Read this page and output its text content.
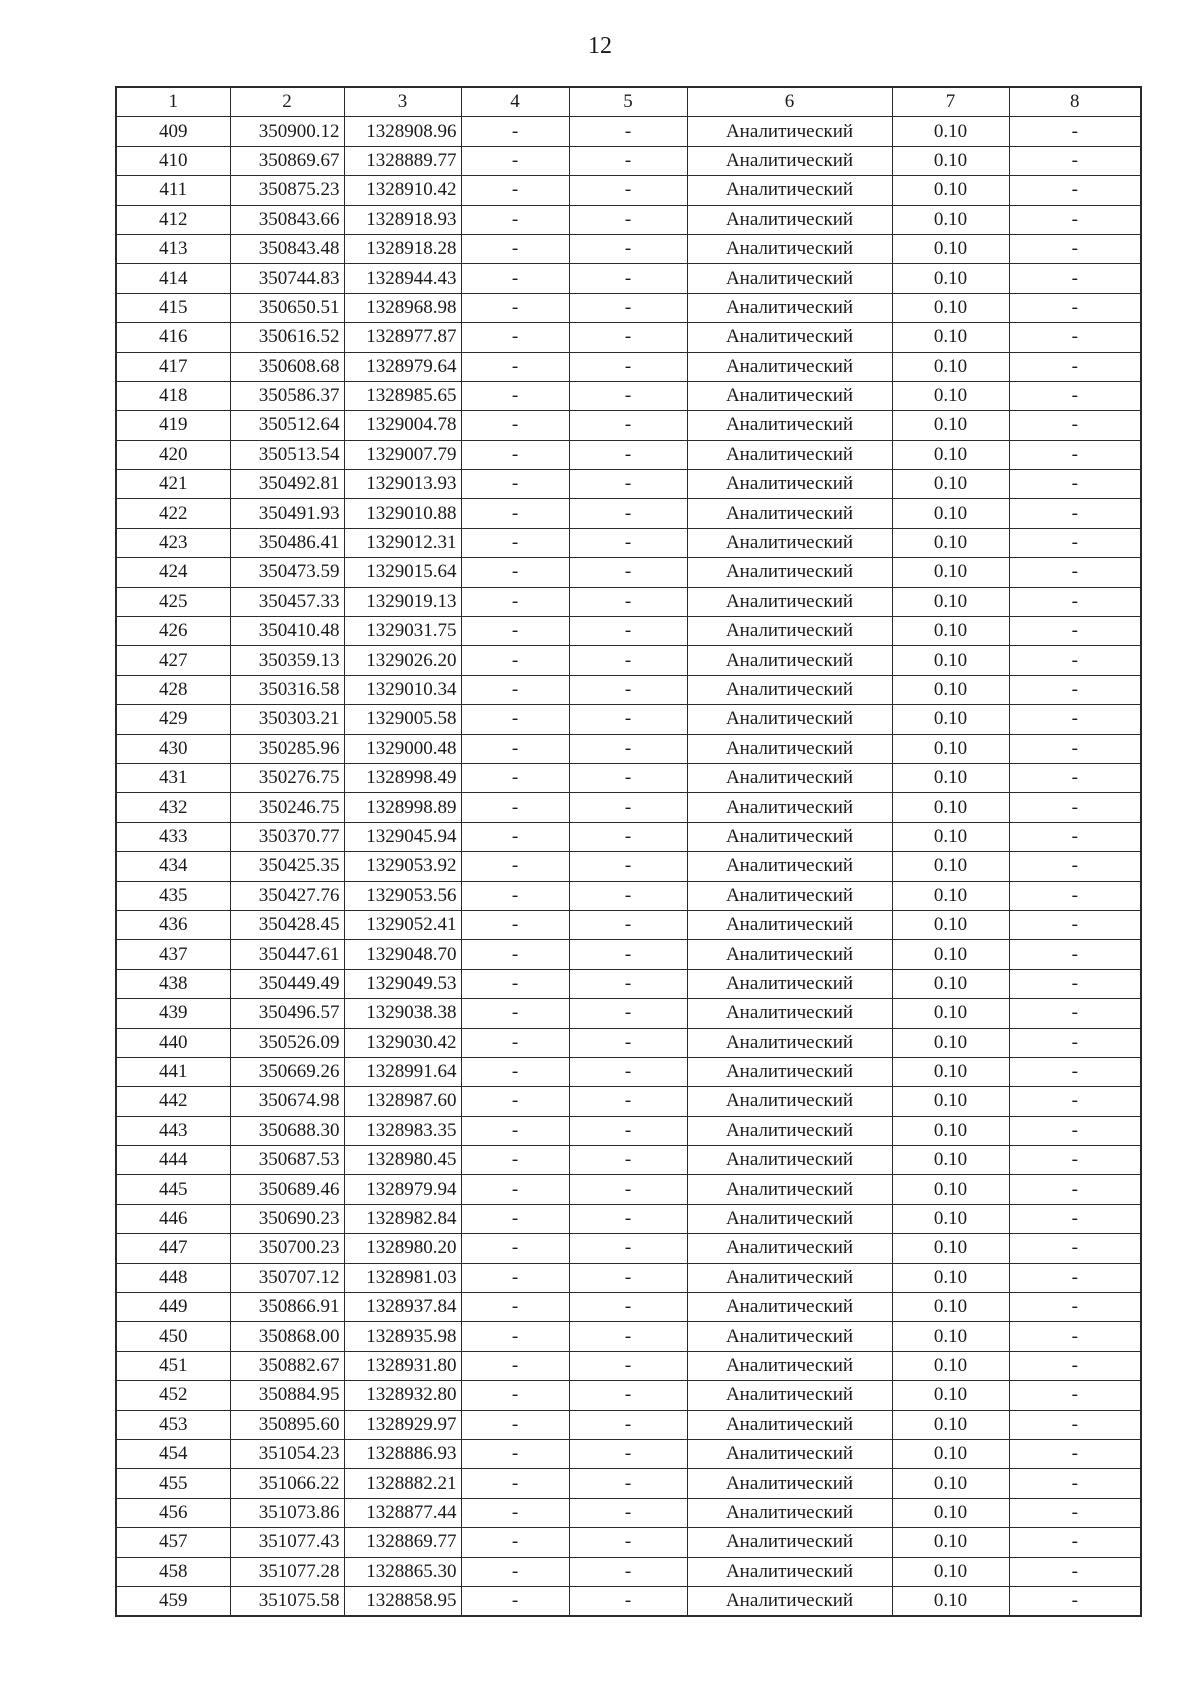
12
1	2	3	4	5	6	7	8
409	350900.12	1328908.96	-	-	Аналитический	0.10	-
410	350869.67	1328889.77	-	-	Аналитический	0.10	-
411	350875.23	1328910.42	-	-	Аналитический	0.10	-
412	350843.66	1328918.93	-	-	Аналитический	0.10	-
413	350843.48	1328918.28	-	-	Аналитический	0.10	-
414	350744.83	1328944.43	-	-	Аналитический	0.10	-
415	350650.51	1328968.98	-	-	Аналитический	0.10	-
416	350616.52	1328977.87	-	-	Аналитический	0.10	-
417	350608.68	1328979.64	-	-	Аналитический	0.10	-
418	350586.37	1328985.65	-	-	Аналитический	0.10	-
419	350512.64	1329004.78	-	-	Аналитический	0.10	-
420	350513.54	1329007.79	-	-	Аналитический	0.10	-
421	350492.81	1329013.93	-	-	Аналитический	0.10	-
422	350491.93	1329010.88	-	-	Аналитический	0.10	-
423	350486.41	1329012.31	-	-	Аналитический	0.10	-
424	350473.59	1329015.64	-	-	Аналитический	0.10	-
425	350457.33	1329019.13	-	-	Аналитический	0.10	-
426	350410.48	1329031.75	-	-	Аналитический	0.10	-
427	350359.13	1329026.20	-	-	Аналитический	0.10	-
428	350316.58	1329010.34	-	-	Аналитический	0.10	-
429	350303.21	1329005.58	-	-	Аналитический	0.10	-
430	350285.96	1329000.48	-	-	Аналитический	0.10	-
431	350276.75	1328998.49	-	-	Аналитический	0.10	-
432	350246.75	1328998.89	-	-	Аналитический	0.10	-
433	350370.77	1329045.94	-	-	Аналитический	0.10	-
434	350425.35	1329053.92	-	-	Аналитический	0.10	-
435	350427.76	1329053.56	-	-	Аналитический	0.10	-
436	350428.45	1329052.41	-	-	Аналитический	0.10	-
437	350447.61	1329048.70	-	-	Аналитический	0.10	-
438	350449.49	1329049.53	-	-	Аналитический	0.10	-
439	350496.57	1329038.38	-	-	Аналитический	0.10	-
440	350526.09	1329030.42	-	-	Аналитический	0.10	-
441	350669.26	1328991.64	-	-	Аналитический	0.10	-
442	350674.98	1328987.60	-	-	Аналитический	0.10	-
443	350688.30	1328983.35	-	-	Аналитический	0.10	-
444	350687.53	1328980.45	-	-	Аналитический	0.10	-
445	350689.46	1328979.94	-	-	Аналитический	0.10	-
446	350690.23	1328982.84	-	-	Аналитический	0.10	-
447	350700.23	1328980.20	-	-	Аналитический	0.10	-
448	350707.12	1328981.03	-	-	Аналитический	0.10	-
449	350866.91	1328937.84	-	-	Аналитический	0.10	-
450	350868.00	1328935.98	-	-	Аналитический	0.10	-
451	350882.67	1328931.80	-	-	Аналитический	0.10	-
452	350884.95	1328932.80	-	-	Аналитический	0.10	-
453	350895.60	1328929.97	-	-	Аналитический	0.10	-
454	351054.23	1328886.93	-	-	Аналитический	0.10	-
455	351066.22	1328882.21	-	-	Аналитический	0.10	-
456	351073.86	1328877.44	-	-	Аналитический	0.10	-
457	351077.43	1328869.77	-	-	Аналитический	0.10	-
458	351077.28	1328865.30	-	-	Аналитический	0.10	-
459	351075.58	1328858.95	-	-	Аналитический	0.10	-
